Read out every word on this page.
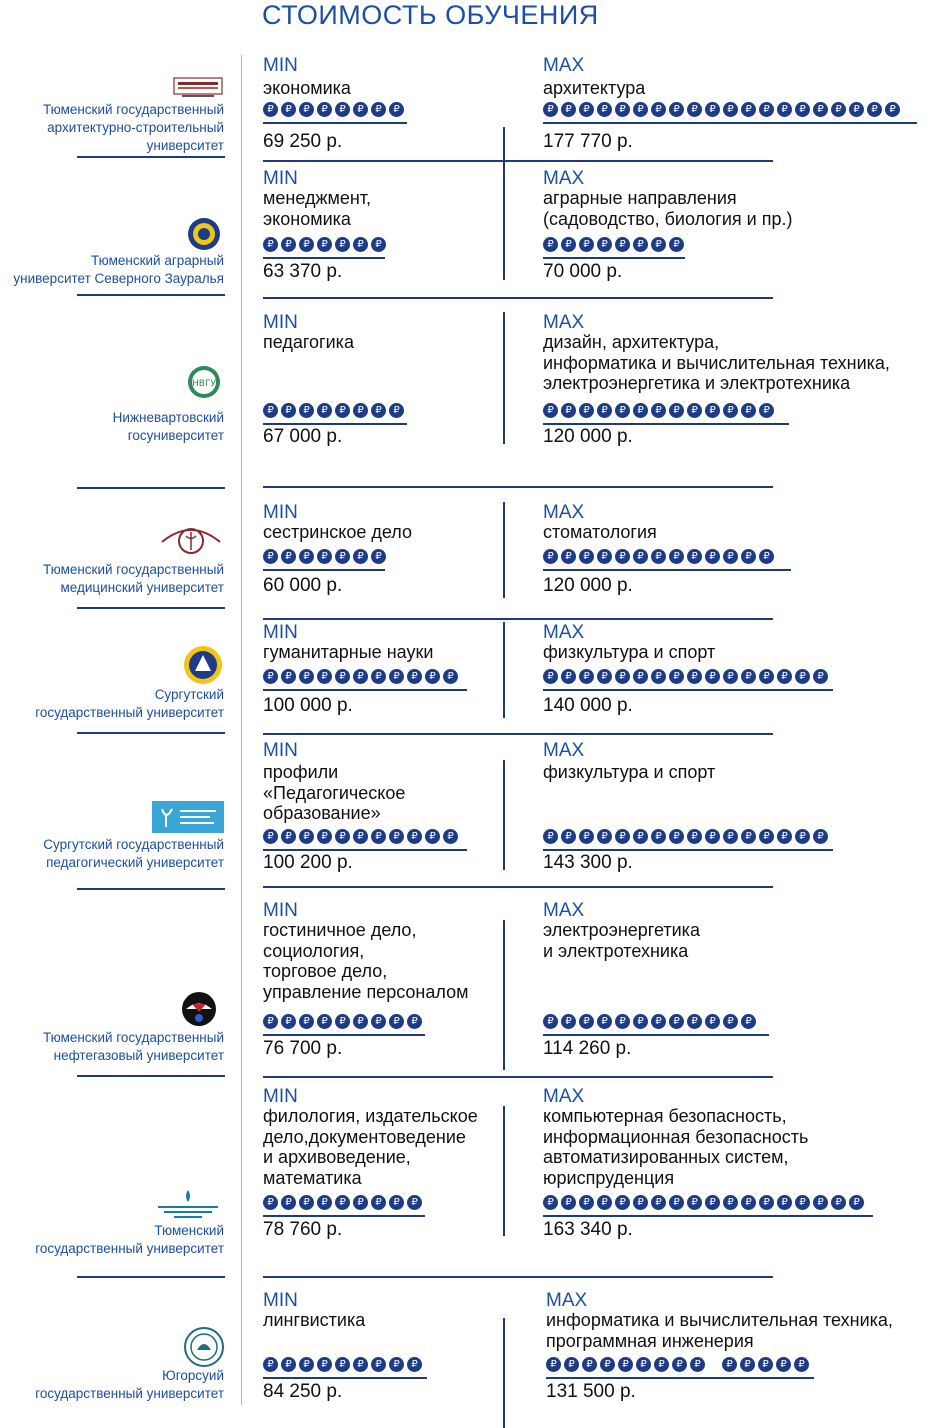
СТОИМОСТЬ ОБУЧЕНИЯ
Тюменский государственный
архитектурно-строительный
университет
MIN
экономика
₽	₽	₽	₽	₽	₽	₽	₽
69 250 р.
MAX
архитектура
₽	₽	₽	₽	₽	₽	₽	₽	₽	₽	₽	₽	₽	₽	₽	₽	₽	₽	₽	₽
177 770 р.
Тюменский аграрный
университет Северного Зауралья
MIN
менеджмент,
экономика
₽	₽	₽	₽	₽	₽	₽
63 370 р.
MAX
аграрные направления
(садоводство, биология и пр.)
₽	₽	₽	₽	₽	₽	₽	₽
70 000 р.
НВГУ
Нижневартовский
госуниверситет
MIN
педагогика
₽	₽	₽	₽	₽	₽	₽	₽
67 000 р.
MAX
дизайн, архитектура,
информатика и вычислительная техника,
электроэнергетика и электротехника
₽	₽	₽	₽	₽	₽	₽	₽	₽	₽	₽	₽	₽
120 000 р.
Тюменский государственный
медицинский университет
MIN
сестринское дело
₽	₽	₽	₽	₽	₽	₽
60 000 р.
MAX
стоматология
₽	₽	₽	₽	₽	₽	₽	₽	₽	₽	₽	₽	₽
120 000 р.
Сургутский
государственный университет
MIN
гуманитарные науки
₽	₽	₽	₽	₽	₽	₽	₽	₽	₽	₽
100 000 р.
MAX
физкультура и спорт
₽	₽	₽	₽	₽	₽	₽	₽	₽	₽	₽	₽	₽	₽	₽	₽
140 000 р.
Сургутский государственный
педагогический университет
MIN
профили
«Педагогическое
образование»
₽	₽	₽	₽	₽	₽	₽	₽	₽	₽	₽
100 200 р.
MAX
физкультура и спорт
₽	₽	₽	₽	₽	₽	₽	₽	₽	₽	₽	₽	₽	₽	₽	₽
143 300 р.
Тюменский государственный
нефтегазовый университет
MIN
гостиничное дело,
социология,
торговое дело,
управление персоналом
₽	₽	₽	₽	₽	₽	₽	₽	₽
76 700 р.
MAX
электроэнергетика
и электротехника
₽	₽	₽	₽	₽	₽	₽	₽	₽	₽	₽	₽
114 260 р.
Тюменский
государственный университет
MIN
филология, издательское
дело,документоведение
и архивоведение,
математика
₽	₽	₽	₽	₽	₽	₽	₽	₽
78 760 р.
MAX
компьютерная безопасность,
информационная безопасность
автоматизированных систем,
юриспруденция
₽	₽	₽	₽	₽	₽	₽	₽	₽	₽	₽	₽	₽	₽	₽	₽	₽	₽
163 340 р.
Югорсуий
государственный университет
MIN
лингвистика
₽	₽	₽	₽	₽	₽	₽	₽	₽
84 250 р.
MAX
информатика и вычислительная техника,
программная инженерия
₽	₽	₽	₽	₽	₽	₽	₽	₽	₽	₽	₽	₽	₽
131 500 р.
